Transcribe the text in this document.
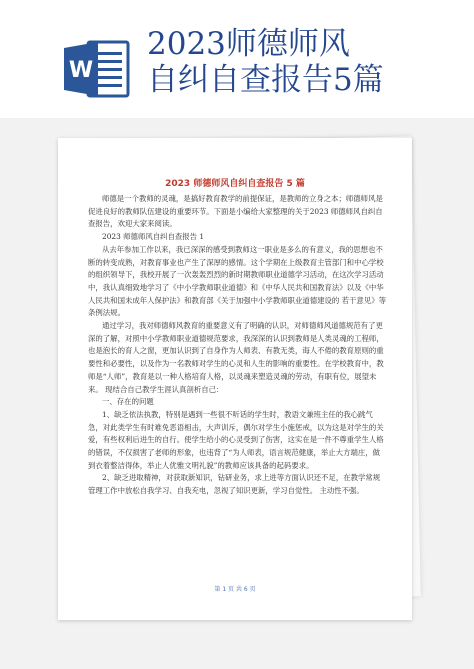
W
2023师德师风
自纠自查报告5篇
2023 师德师风自纠自查报告 5 篇

师德是一个教师的灵魂，是搞好教育教学的前提保证，是教师的立身之本；师德师风是促进良好的教师队伍建设的重要环节。下面是小编给大家整理的关于2023 师德师风自纠自查报告，欢迎大家来阅读。

2023 师德师风自纠自查报告 1

从去年参加工作以来，我已深深的感受到教师这一职业是多么的有意义，我的思想也不断的转变成熟，对教育事业也产生了深厚的感情。这个学期在上级教育主管部门和中心学校的组织领导下，我校开展了一次轰轰烈烈的新时期教师职业道德学习活动，在这次学习活动中，我认真细致地学习了《中小学教师职业道德》和《中华人民共和国教育法》以及《中华人民共和国未成年人保护法》和教育部《关于加强中小学教师职业道德建设的 若干意见》等条例法规。

通过学习，我对师德师风教育的重要意义有了明确的认识，对师德师风道德规范有了更深的了解，对照中小学教师职业道德规范要求，我深深的认识到教师是人类灵魂的工程师，也是泡长的育人之窗，更加认识到了自身作为人师表、有教无类，诲人不倦的教育原则的重要性和必要性，以及作为一名教师对学生的心灵和人生的影响的重要性。在学校教育中，教师是“人师”，教育是以一种人格培育人格，以灵魂来塑造灵魂的劳动，有职有位，展望未来。 现结合自己教学生涯认真剖析自己：

一、存在的问题

1、缺乏依法执教，特别是遇到一些很不听话的学生时，教语文兼班主任的我心跳气急，对此类学生有时难免恶语相击，大声训斥，偶尔对学生小施惩戒，以为这是对学生的关爱，有些权利后进生的自行。使学生给小的心灵受到了伤害，这实在是一件不尊重学生人格的错误，不仅损害了老师的形象，也违背了“为人师表，语言规范健康，举止大方端庄，做到衣着整洁得体，举止人优雅文明礼貌”的教师应该具备的起码要求。

2、缺乏进取精神，对获取新知识，钻研业务，求上进等方面认识还不足，在教学常规管理工作中放松自我学习、自我充电，忽视了知识更新，学习自觉性。 主动性不强。

第 1 页 共 6 页
